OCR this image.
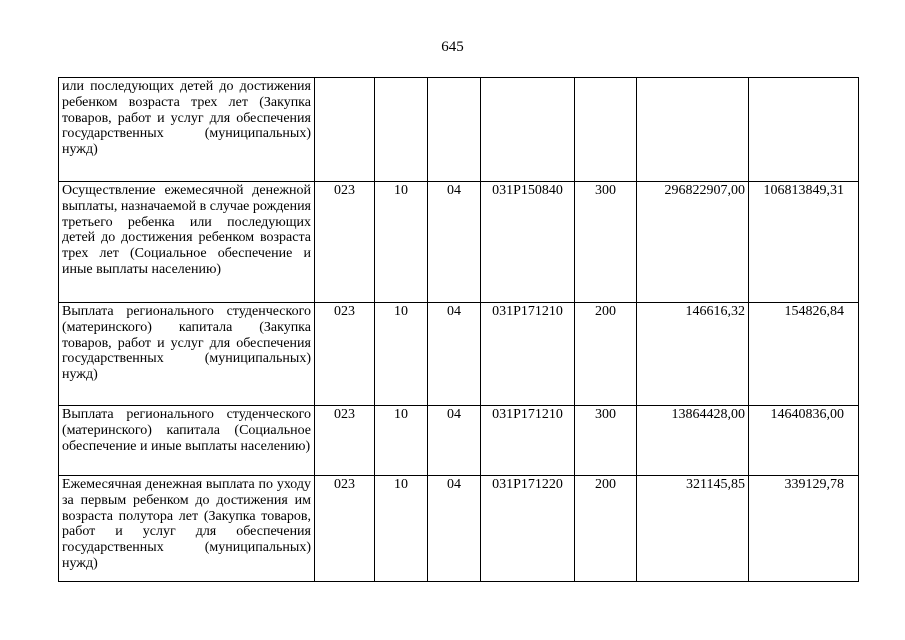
645
или последующих детей до достижения ребенком возраста трех лет (Закупка товаров, работ и услуг для обеспечения государственных (муниципальных) нужд)							
Осуществление ежемесячной денежной выплаты, назначаемой в случае рождения третьего ребенка или последующих детей до достижения ребенком возраста трех лет (Социальное обеспечение и иные выплаты населению)	023	10	04	031P150840	300	296822907,00	106813849,31
Выплата регионального студенческого (материнского) капитала (Закупка товаров, работ и услуг для обеспечения государственных (муниципальных) нужд)	023	10	04	031P171210	200	146616,32	154826,84
Выплата регионального студенческого (материнского) капитала (Социальное обеспечение и иные выплаты населению)	023	10	04	031P171210	300	13864428,00	14640836,00
Ежемесячная денежная выплата по уходу за первым ребенком до достижения им возраста полутора лет (Закупка товаров, работ и услуг для обеспечения государственных (муниципальных) нужд)	023	10	04	031P171220	200	321145,85	339129,78
